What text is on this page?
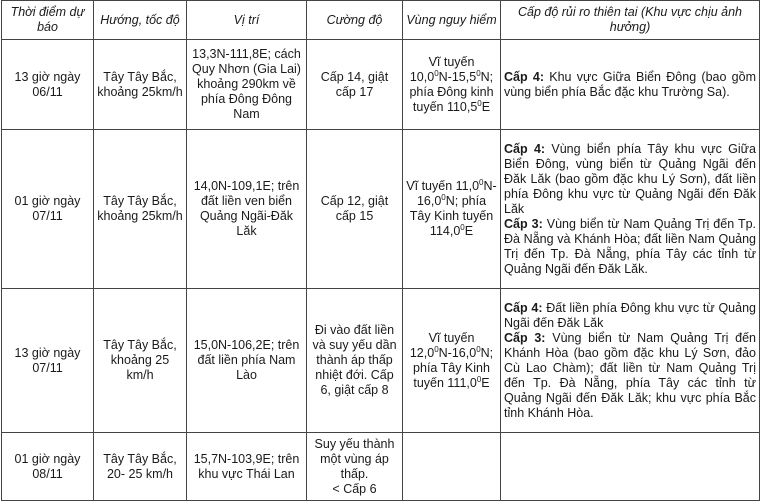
Thời điểm dự báo	Hướng, tốc độ	Vị trí	Cường độ	Vùng nguy hiểm	Cấp độ rủi ro thiên tai (Khu vực chịu ảnh hưởng)
13 giờ ngày 06/11	Tây Tây Bắc, khoảng 25km/h	13,3N-111,8E; cách Quy Nhơn (Gia Lai) khoảng 290km về phía Đông Đông Nam	Cấp 14, giật cấp 17	Vĩ tuyến 10,0$^0$N-15,5$^0$N; phía Đông kinh tuyến 110,5$^0$E	Cấp 4: Khu vực Giữa Biển Đông (bao gồm vùng biển phía Bắc đặc khu Trường Sa).
01 giờ ngày 07/11	Tây Tây Bắc, khoảng 25km/h	14,0N-109,1E; trên đất liền ven biển Quảng Ngãi-Đăk Lăk	Cấp 12, giật cấp 15	Vĩ tuyến 11,0$^0$N-16,0$^0$N; phía Tây Kinh tuyến 114,0$^0$E	Cấp 4: Vùng biển phía Tây khu vực Giữa Biển Đông, vùng biển từ Quảng Ngãi đến Đăk Lăk (bao gồm đặc khu Lý Sơn), đất liền phía Đông khu vực từ Quảng Ngãi đến Đăk Lăk
Cấp 3: Vùng biển từ Nam Quảng Trị đến Tp. Đà Nẵng và Khánh Hòa; đất liền Nam Quảng Trị đến Tp. Đà Nẵng, phía Tây các tỉnh từ Quảng Ngãi đến Đăk Lăk.

13 giờ ngày 07/11	Tây Tây Bắc, khoảng 25 km/h	15,0N-106,2E; trên đất liền phía Nam Lào	Đi vào đất liền và suy yếu dần thành áp thấp nhiệt đới. Cấp 6, giật cấp 8	Vĩ tuyến 12,0$^0$N-16,0$^0$N; phía Tây Kinh tuyến 111,0$^0$E	Cấp 4: Đất liền phía Đông khu vực từ Quảng Ngãi đến Đăk Lăk
Cấp 3: Vùng biển từ Nam Quảng Trị đến Khánh Hòa (bao gồm đặc khu Lý Sơn, đảo Cù Lao Chàm); đất liền từ Nam Quảng Trị đến Tp. Đà Nẵng, phía Tây các tỉnh từ Quảng Ngãi đến Đăk Lăk; khu vực phía Bắc tỉnh Khánh Hòa.

01 giờ ngày 08/11	Tây Tây Bắc, 20- 25 km/h	15,7N-103,9E; trên khu vực Thái Lan	Suy yếu thành một vùng áp thấp.
< Cấp 6		
